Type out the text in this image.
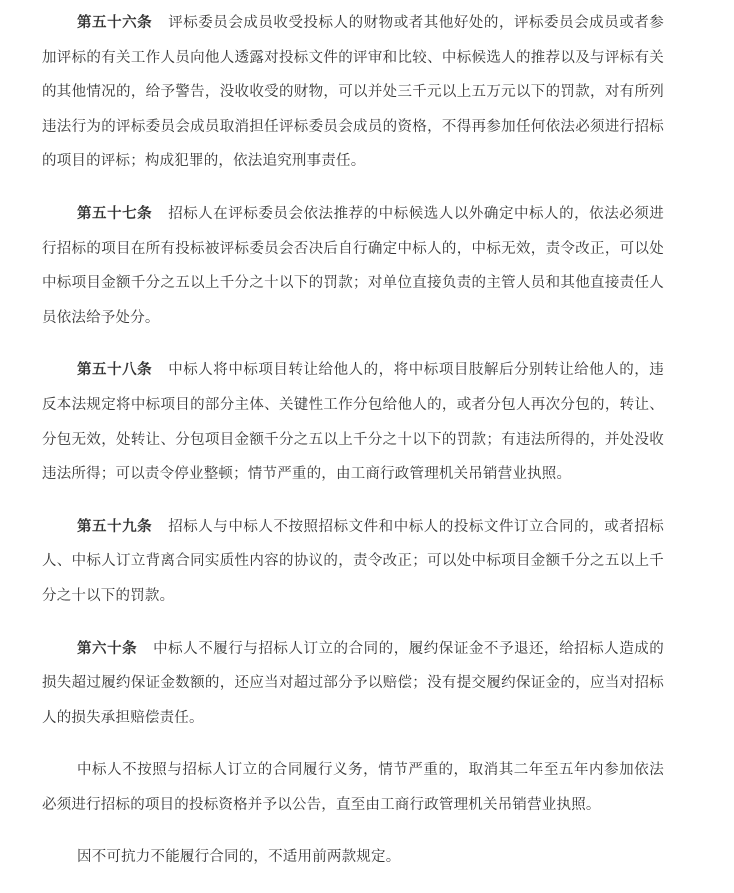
第五十六条 评标委员会成员收受投标人的财物或者其他好处的，评标委员会成员或者参加评标的有关工作人员向他人透露对投标文件的评审和比较、中标候选人的推荐以及与评标有关的其他情况的，给予警告，没收收受的财物，可以并处三千元以上五万元以下的罚款，对有所列违法行为的评标委员会成员取消担任评标委员会成员的资格，不得再参加任何依法必须进行招标的项目的评标；构成犯罪的，依法追究刑事责任。

第五十七条 招标人在评标委员会依法推荐的中标候选人以外确定中标人的，依法必须进行招标的项目在所有投标被评标委员会否决后自行确定中标人的，中标无效，责令改正，可以处中标项目金额千分之五以上千分之十以下的罚款；对单位直接负责的主管人员和其他直接责任人员依法给予处分。

第五十八条 中标人将中标项目转让给他人的，将中标项目肢解后分别转让给他人的，违反本法规定将中标项目的部分主体、关键性工作分包给他人的，或者分包人再次分包的，转让、分包无效，处转让、分包项目金额千分之五以上千分之十以下的罚款；有违法所得的，并处没收违法所得；可以责令停业整顿；情节严重的，由工商行政管理机关吊销营业执照。

第五十九条 招标人与中标人不按照招标文件和中标人的投标文件订立合同的，或者招标人、中标人订立背离合同实质性内容的协议的，责令改正；可以处中标项目金额千分之五以上千分之十以下的罚款。

第六十条 中标人不履行与招标人订立的合同的，履约保证金不予退还，给招标人造成的损失超过履约保证金数额的，还应当对超过部分予以赔偿；没有提交履约保证金的，应当对招标人的损失承担赔偿责任。

中标人不按照与招标人订立的合同履行义务，情节严重的，取消其二年至五年内参加依法必须进行招标的项目的投标资格并予以公告，直至由工商行政管理机关吊销营业执照。

因不可抗力不能履行合同的，不适用前两款规定。
